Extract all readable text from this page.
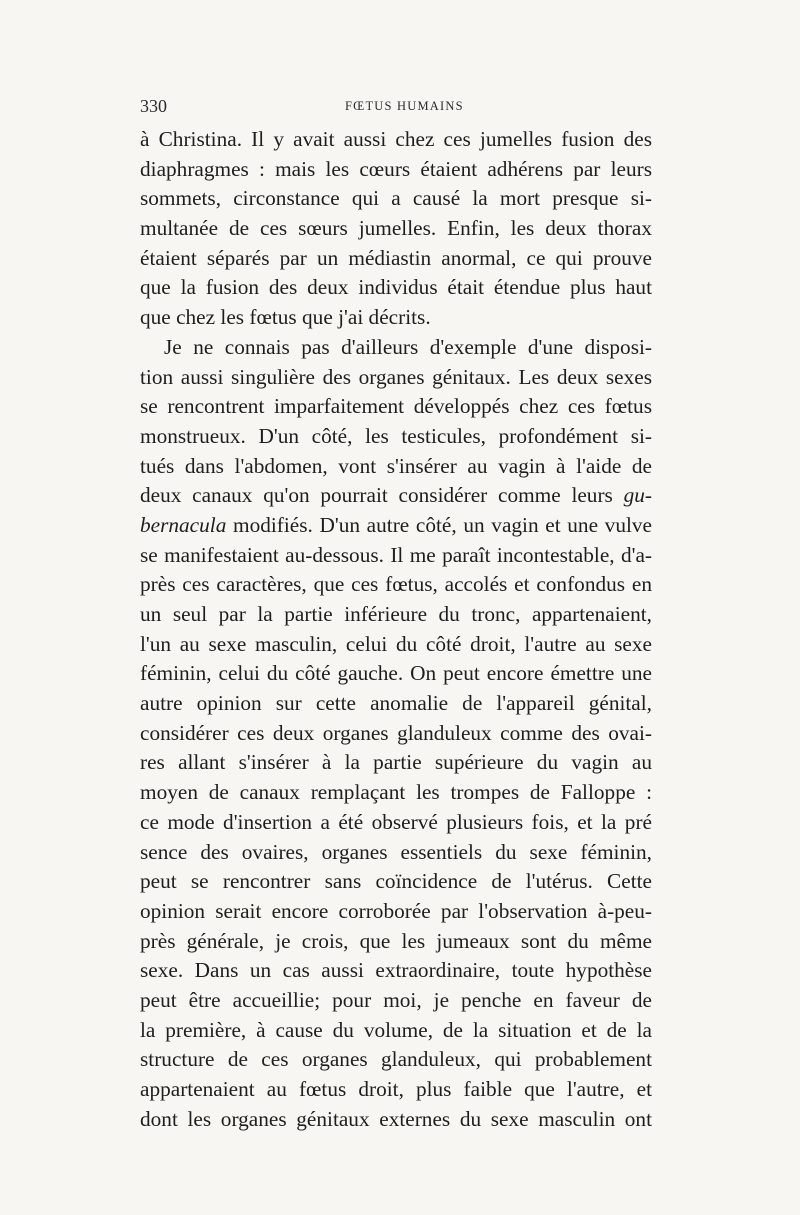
330	FŒTUS HUMAINS
à Christina. Il y avait aussi chez ces jumelles fusion des
diaphragmes : mais les cœurs étaient adhérens par leurs
sommets, circonstance qui a causé la mort presque si-
multanée de ces sœurs jumelles. Enfin, les deux thorax
étaient séparés par un médiastin anormal, ce qui prouve
que la fusion des deux individus était étendue plus haut
que chez les fœtus que j'ai décrits.
Je ne connais pas d'ailleurs d'exemple d'une disposi-
tion aussi singulière des organes génitaux. Les deux sexes
se rencontrent imparfaitement développés chez ces fœtus
monstrueux. D'un côté, les testicules, profondément si-
tués dans l'abdomen, vont s'insérer au vagin à l'aide de
deux canaux qu'on pourrait considérer comme leurs gu-
bernacula modifiés. D'un autre côté, un vagin et une vulve
se manifestaient au-dessous. Il me paraît incontestable, d'a-
près ces caractères, que ces fœtus, accolés et confondus en
un seul par la partie inférieure du tronc, appartenaient,
l'un au sexe masculin, celui du côté droit, l'autre au sexe
féminin, celui du côté gauche. On peut encore émettre une
autre opinion sur cette anomalie de l'appareil génital,
considérer ces deux organes glanduleux comme des ovai-
res allant s'insérer à la partie supérieure du vagin au
moyen de canaux remplaçant les trompes de Falloppe :
ce mode d'insertion a été observé plusieurs fois, et la pré
sence des ovaires, organes essentiels du sexe féminin,
peut se rencontrer sans coïncidence de l'utérus. Cette
opinion serait encore corroborée par l'observation à-peu-
près générale, je crois, que les jumeaux sont du même
sexe. Dans un cas aussi extraordinaire, toute hypothèse
peut être accueillie; pour moi, je penche en faveur de
la première, à cause du volume, de la situation et de la
structure de ces organes glanduleux, qui probablement
appartenaient au fœtus droit, plus faible que l'autre, et
dont les organes génitaux externes du sexe masculin ont
